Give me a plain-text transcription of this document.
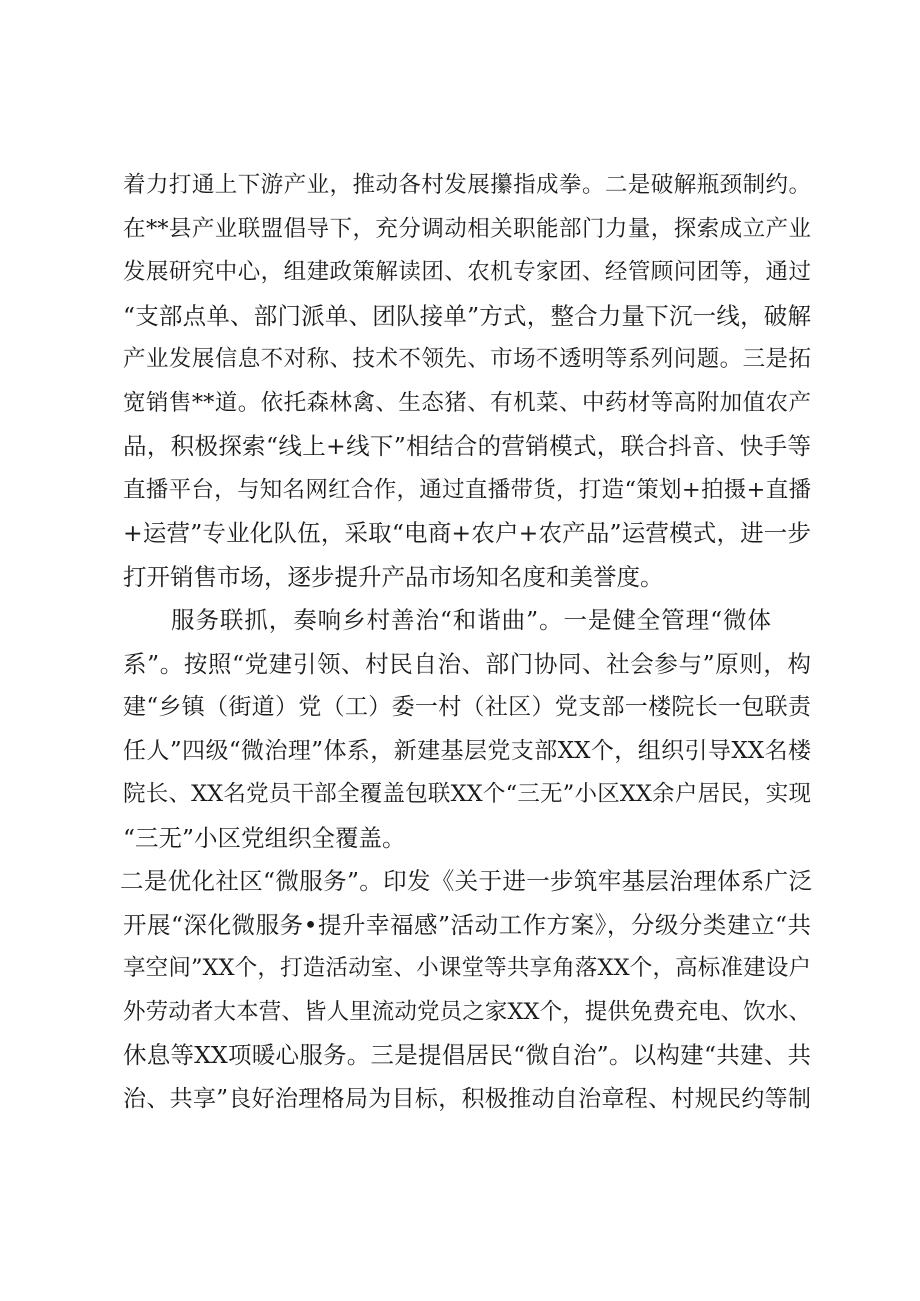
着力打通上下游产业，推动各村发展攥指成拳。二是破解瓶颈制约。
在**县产业联盟倡导下，充分调动相关职能部门力量，探索成立产业
发展研究中心，组建政策解读团、农机专家团、经管顾问团等，通过
“支部点单、部门派单、团队接单”方式，整合力量下沉一线，破解
产业发展信息不对称、技术不领先、市场不透明等系列问题。三是拓
宽销售**道。依托森林禽、生态猪、有机菜、中药材等高附加值农产
品，积极探索“线上+线下”相结合的营销模式，联合抖音、快手等
直播平台，与知名网红合作，通过直播带货，打造“策划+拍摄+直播
+运营”专业化队伍，采取“电商+农户+农产品”运营模式，进一步
打开销售市场，逐步提升产品市场知名度和美誉度。
服务联抓，奏响乡村善治“和谐曲”。一是健全管理“微体
系”。按照“党建引领、村民自治、部门协同、社会参与”原则，构
建“乡镇（街道）党（工）委一村（社区）党支部一楼院长一包联责
任人”四级“微治理”体系，新建基层党支部XX个，组织引导XX名楼
院长、XX名党员干部全覆盖包联XX个“三无”小区XX余户居民，实现
“三无”小区党组织全覆盖。
二是优化社区“微服务”。印发《关于进一步筑牢基层治理体系广泛
开展“深化微服务•提升幸福感”活动工作方案》，分级分类建立“共
享空间”XX个，打造活动室、小课堂等共享角落XX个，高标准建设户
外劳动者大本营、皆人里流动党员之家XX个，提供免费充电、饮水、
休息等XX项暖心服务。三是提倡居民“微自治”。以构建“共建、共
治、共享”良好治理格局为目标，积极推动自治章程、村规民约等制
